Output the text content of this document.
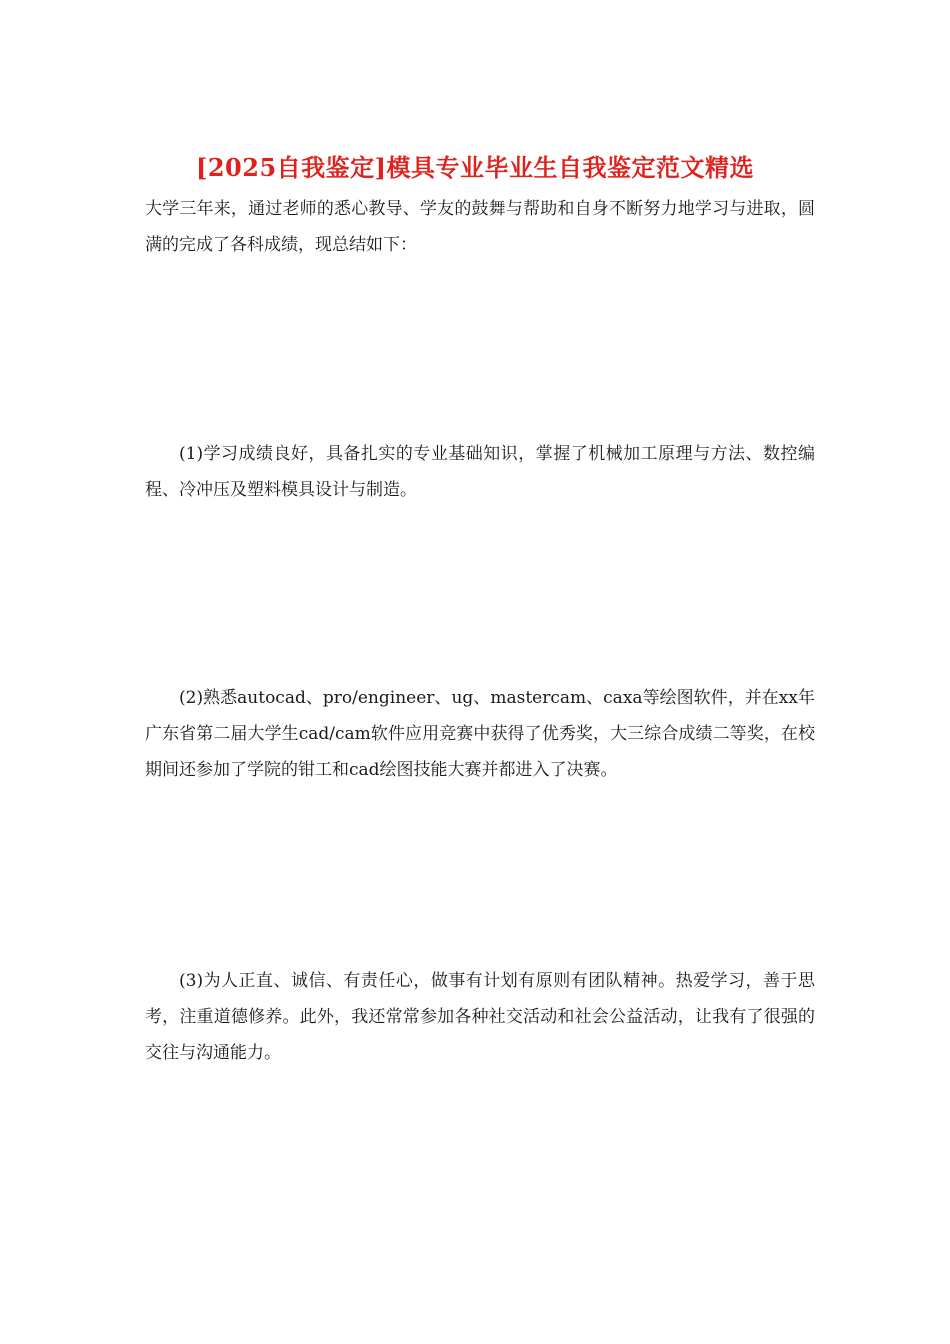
[2025自我鉴定]模具专业毕业生自我鉴定范文精选

大学三年来，通过老师的悉心教导、学友的鼓舞与帮助和自身不断努力地学习与进取，圆满的完成了各科成绩，现总结如下：

(1)学习成绩良好，具备扎实的专业基础知识，掌握了机械加工原理与方法、数控编程、冷冲压及塑料模具设计与制造。

(2)熟悉autocad、pro/engineer、ug、mastercam、caxa等绘图软件，并在xx年广东省第二届大学生cad/cam软件应用竞赛中获得了优秀奖，大三综合成绩二等奖，在校期间还参加了学院的钳工和cad绘图技能大赛并都进入了决赛。

(3)为人正直、诚信、有责任心，做事有计划有原则有团队精神。热爱学习，善于思考，注重道德修养。此外，我还常常参加各种社交活动和社会公益活动，让我有了很强的交往与沟通能力。
